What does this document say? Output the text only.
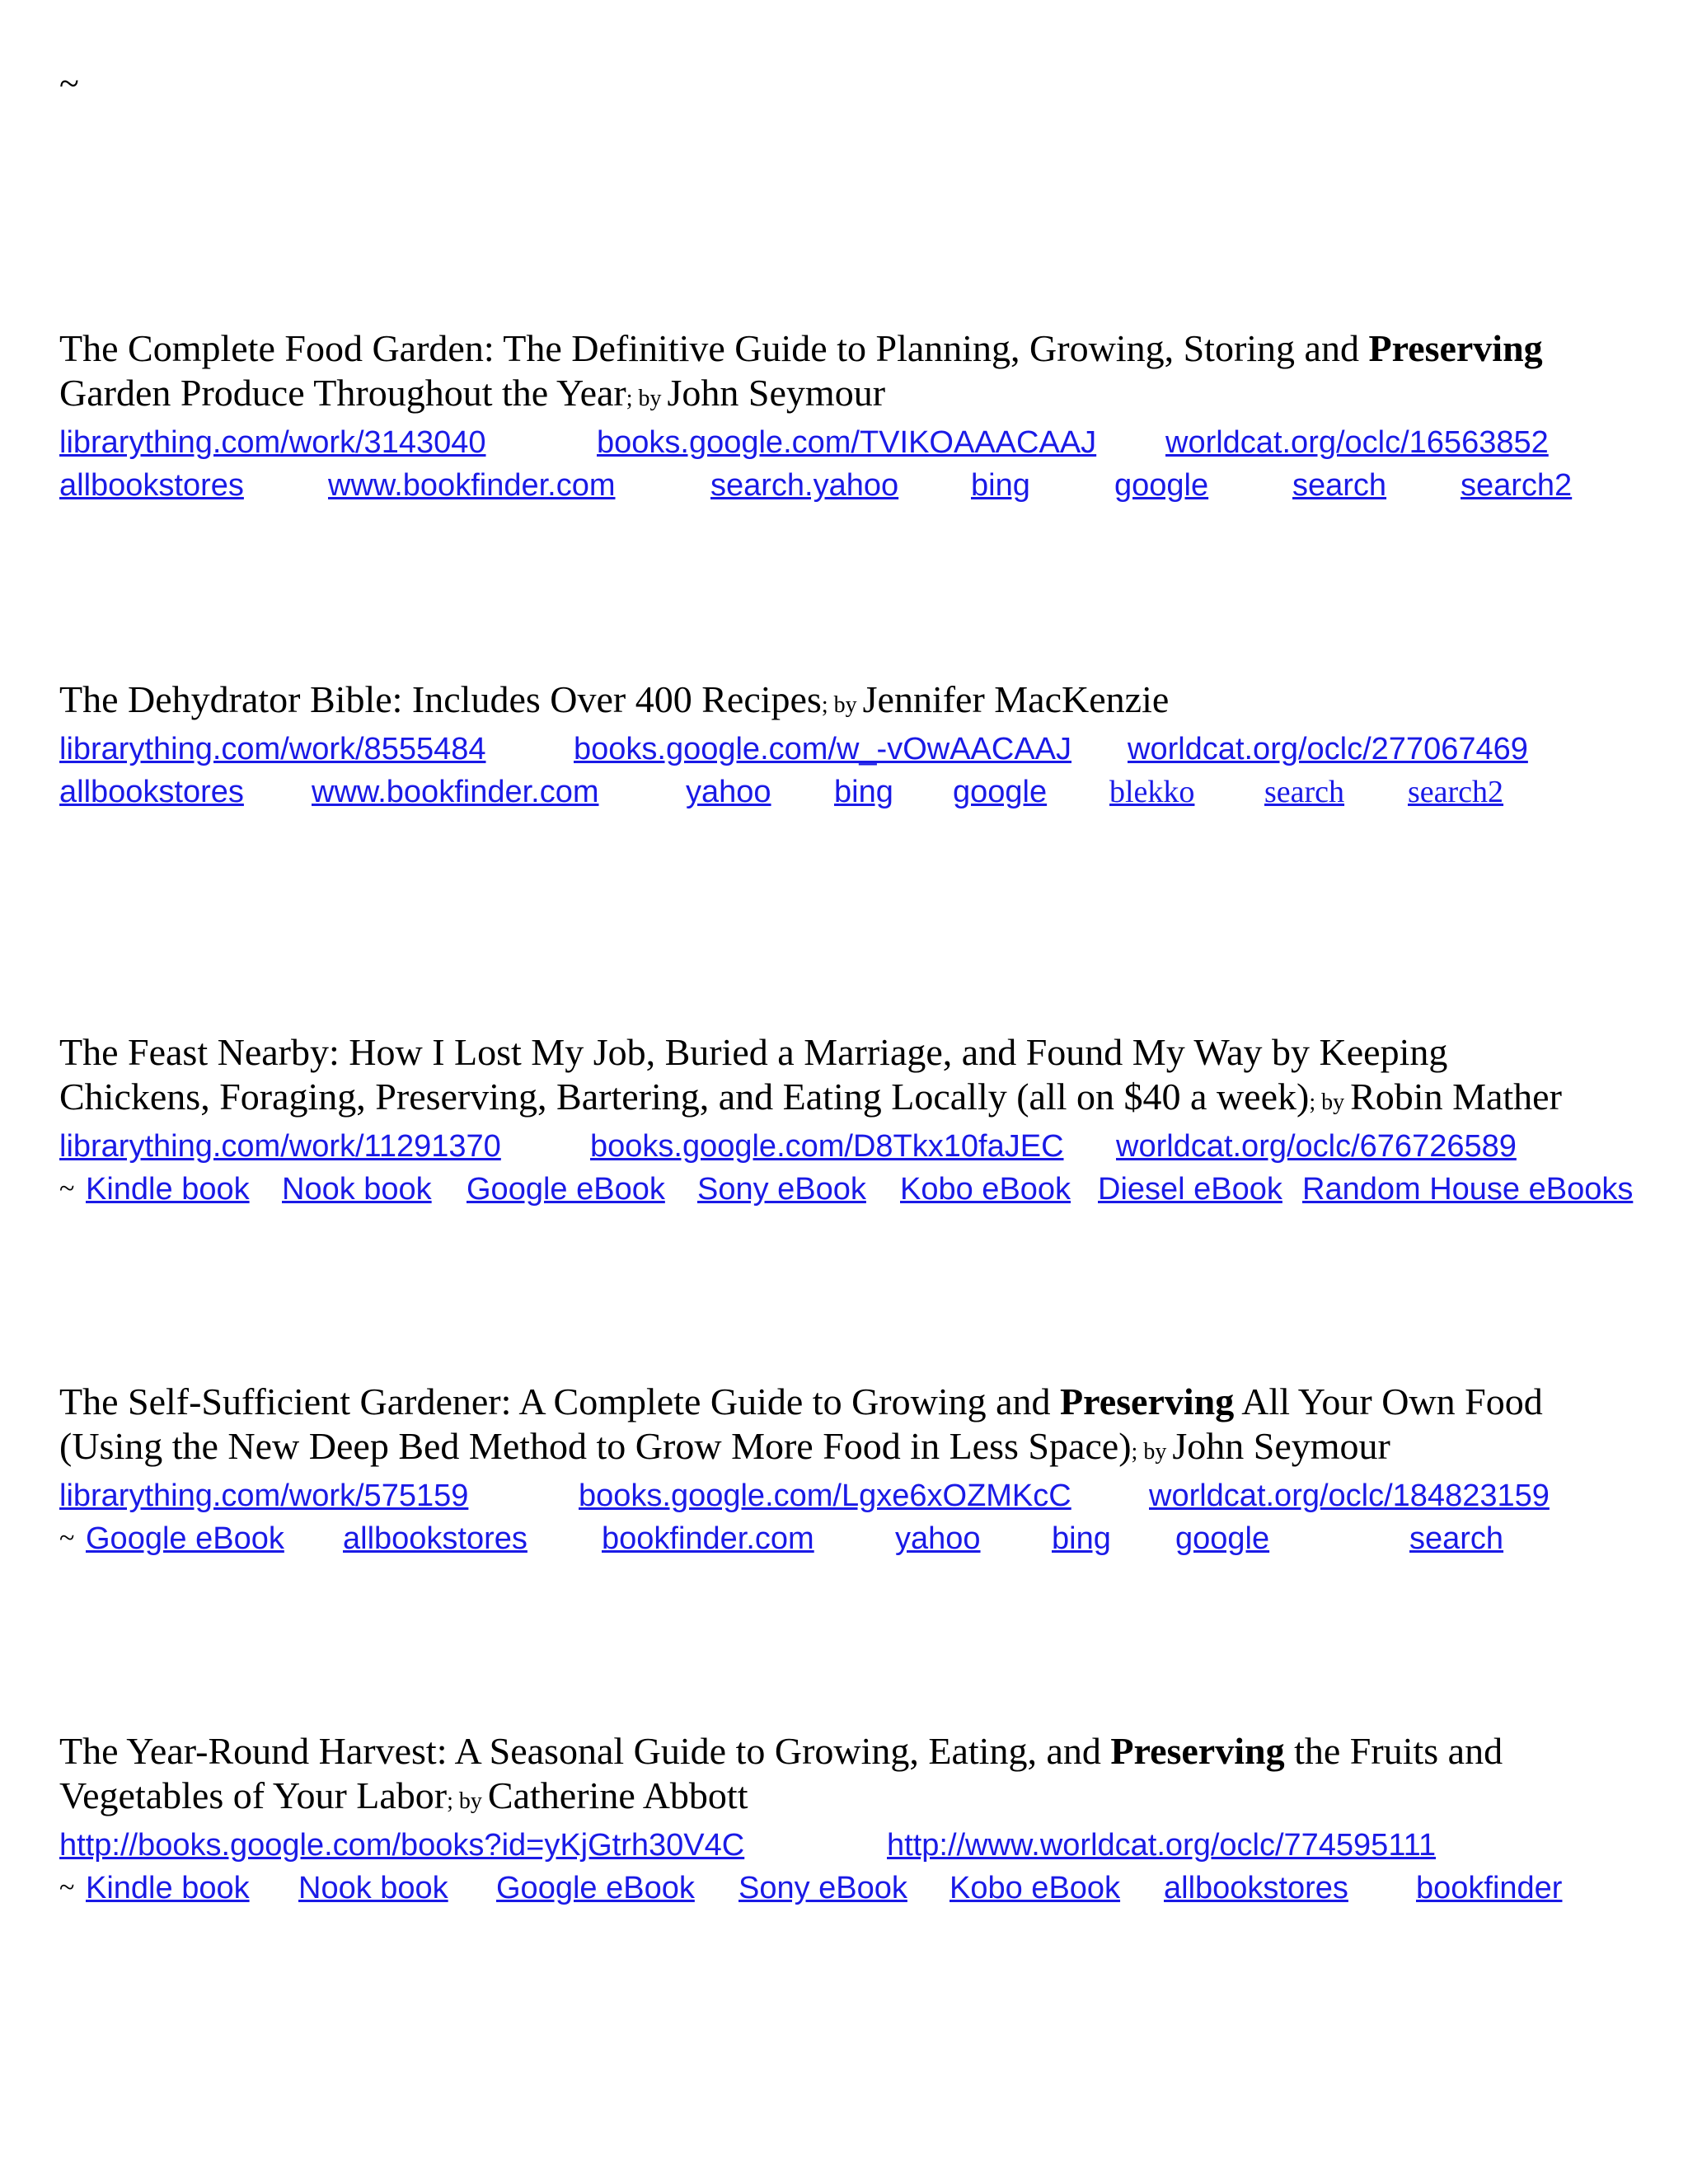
~
The Complete Food Garden: The Definitive Guide to Planning, Growing, Storing and Preserving
Garden Produce Throughout the Year; by John Seymour
librarything.com/work/3143040	books.google.com/TVIKOAAACAAJ worldcat.org/oclc/16563852
allbookstores	www.bookfinder.com	search.yahoo bing	google	search search2
The Dehydrator Bible: Includes Over 400 Recipes; by Jennifer MacKenzie
librarything.com/work/8555484	books.google.com/w_-vOwAACAAJ worldcat.org/oclc/277067469
allbookstores www.bookfinder.com	yahoo bing google blekko search search2
The Feast Nearby: How I Lost My Job, Buried a Marriage, and Found My Way by Keeping
Chickens, Foraging, Preserving, Bartering, and Eating Locally (all on $40 a week); by Robin Mather
librarything.com/work/11291370	books.google.com/D8Tkx10faJEC worldcat.org/oclc/676726589
~ Kindle book Nook book Google eBook Sony eBook Kobo eBook Diesel eBook Random House eBooks
The Self-Sufficient Gardener: A Complete Guide to Growing and Preserving All Your Own Food
(Using the New Deep Bed Method to Grow More Food in Less Space); by John Seymour
librarything.com/work/575159	books.google.com/Lgxe6xOZMKcC worldcat.org/oclc/184823159
~ Google eBook allbookstores bookfinder.com	yahoo bing google	search
The Year-Round Harvest: A Seasonal Guide to Growing, Eating, and Preserving the Fruits and
Vegetables of Your Labor; by Catherine Abbott
http://books.google.com/books?id=yKjGtrh30V4C	http://www.worldcat.org/oclc/774595111
~ Kindle book Nook book Google eBook Sony eBook Kobo eBook allbookstores bookfinder
